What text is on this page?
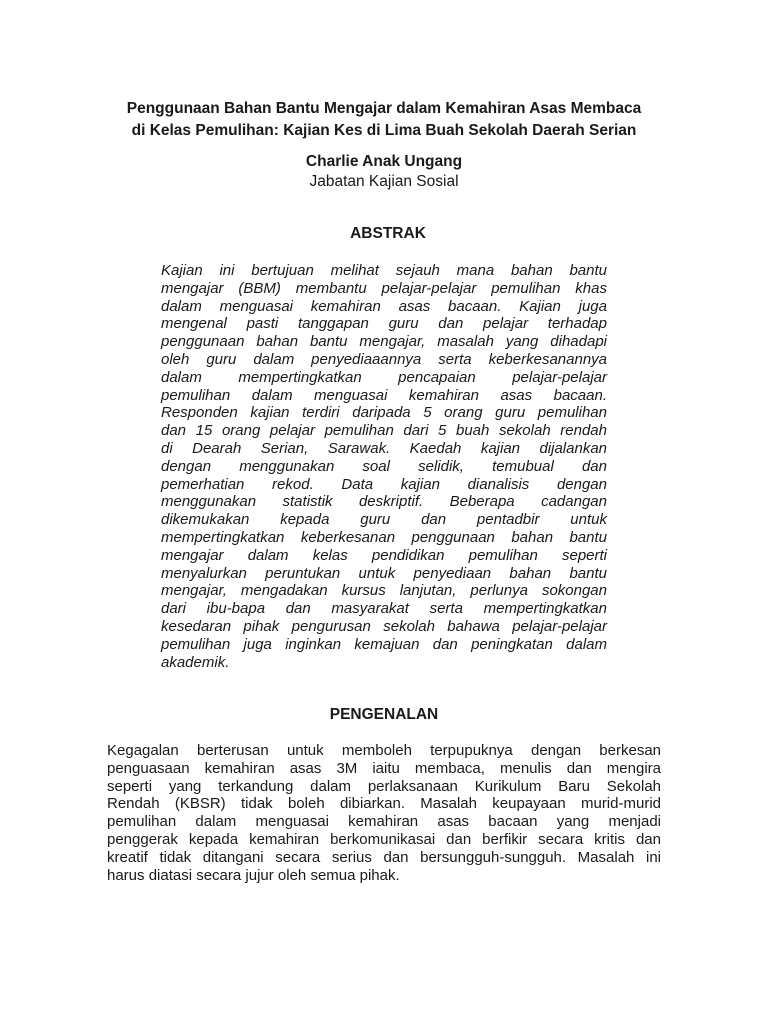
Penggunaan Bahan Bantu Mengajar dalam Kemahiran Asas Membaca
di Kelas Pemulihan: Kajian Kes di Lima Buah Sekolah Daerah Serian
Charlie Anak Ungang
Jabatan Kajian Sosial
ABSTRAK
Kajian ini bertujuan melihat sejauh mana bahan bantu
mengajar (BBM) membantu pelajar-pelajar pemulihan khas
dalam menguasai kemahiran asas bacaan. Kajian juga
mengenal pasti tanggapan guru dan pelajar terhadap
penggunaan bahan bantu mengajar, masalah yang dihadapi
oleh guru dalam penyediaaannya serta keberkesanannya
dalam mempertingkatkan pencapaian pelajar-pelajar
pemulihan dalam menguasai kemahiran asas bacaan.
Responden kajian terdiri daripada 5 orang guru pemulihan
dan 15 orang pelajar pemulihan dari 5 buah sekolah rendah
di Dearah Serian, Sarawak. Kaedah kajian dijalankan
dengan menggunakan soal selidik, temubual dan
pemerhatian rekod. Data kajian dianalisis dengan
menggunakan statistik deskriptif. Beberapa cadangan
dikemukakan kepada guru dan pentadbir untuk
mempertingkatkan keberkesanan penggunaan bahan bantu
mengajar dalam kelas pendidikan pemulihan seperti
menyalurkan peruntukan untuk penyediaan bahan bantu
mengajar, mengadakan kursus lanjutan, perlunya sokongan
dari ibu-bapa dan masyarakat serta mempertingkatkan
kesedaran pihak pengurusan sekolah bahawa pelajar-pelajar
pemulihan juga inginkan kemajuan dan peningkatan dalam
akademik.
PENGENALAN
Kegagalan berterusan untuk memboleh terpupuknya dengan berkesan
penguasaan kemahiran asas 3M iaitu membaca, menulis dan mengira
seperti yang terkandung dalam perlaksanaan Kurikulum Baru Sekolah
Rendah (KBSR) tidak boleh dibiarkan. Masalah keupayaan murid-murid
pemulihan dalam menguasai kemahiran asas bacaan yang menjadi
penggerak kepada kemahiran berkomunikasai dan berfikir secara kritis dan
kreatif tidak ditangani secara serius dan bersungguh-sungguh. Masalah ini
harus diatasi secara jujur oleh semua pihak.
